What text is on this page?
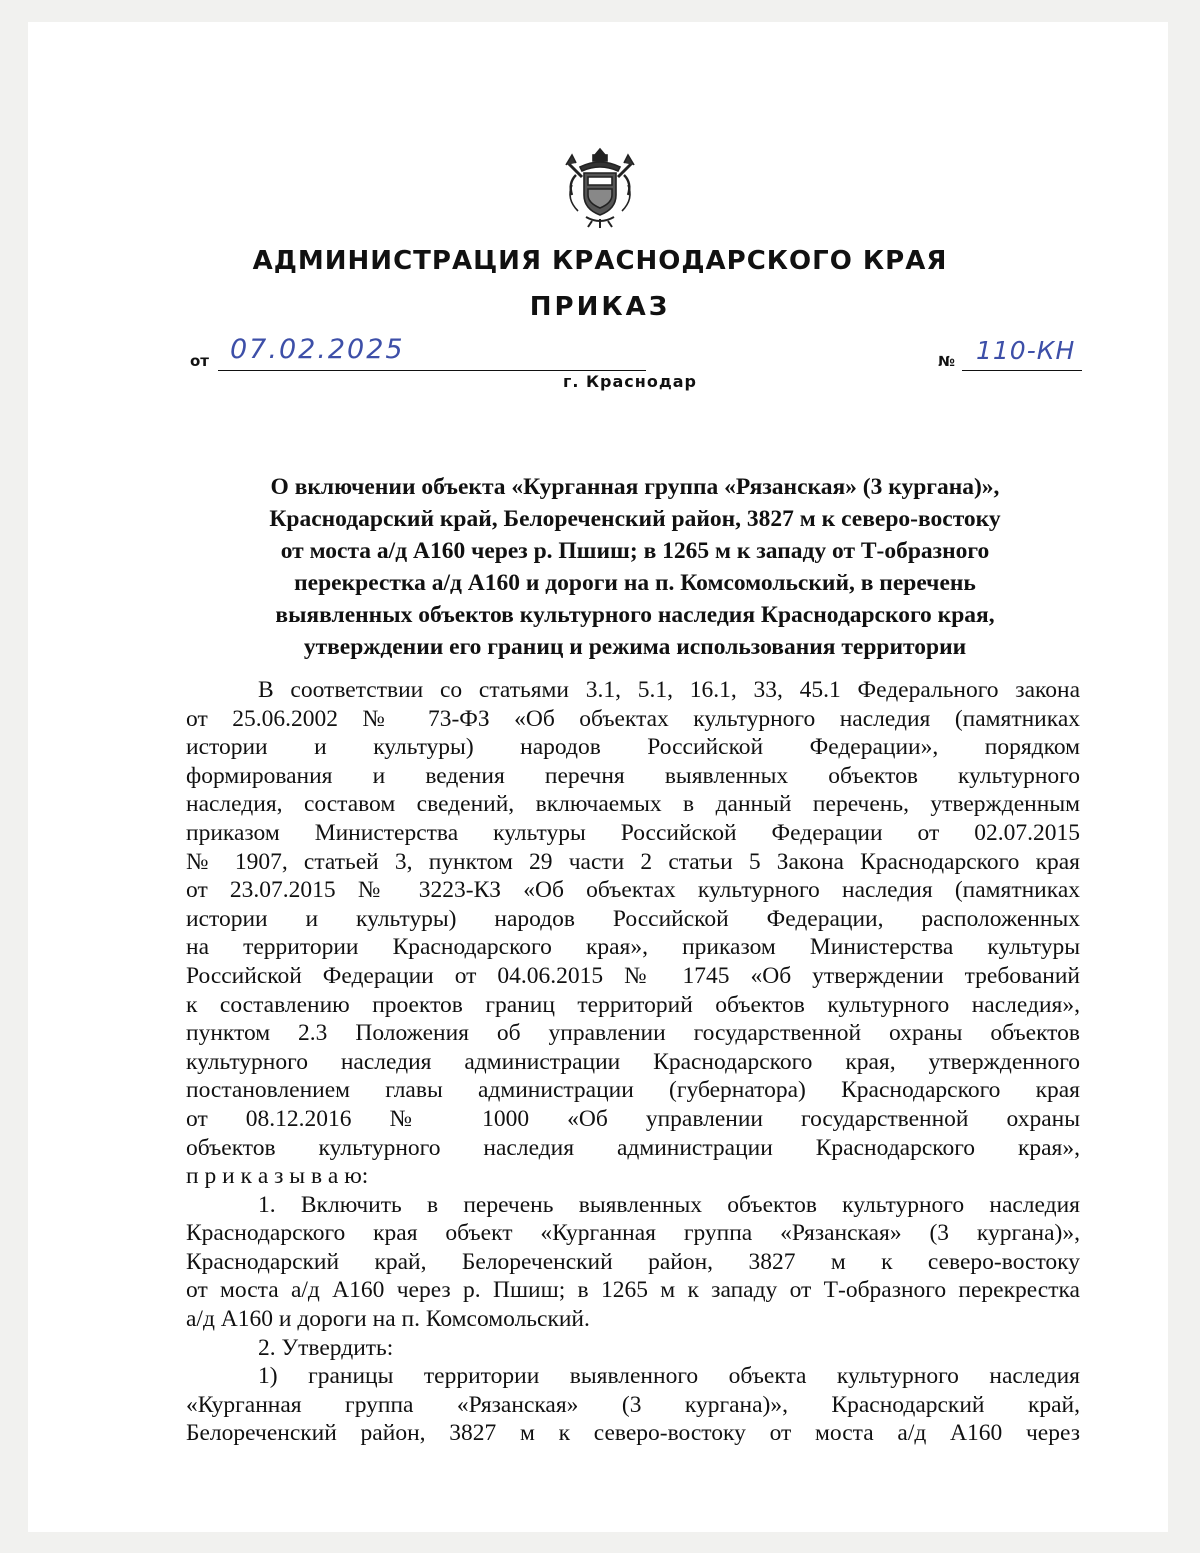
АДМИНИСТРАЦИЯ КРАСНОДАРСКОГО КРАЯ
ПРИКАЗ
от 07.02.2025	№ 110-КН
г. Краснодар
О включении объекта «Курганная группа «Рязанская» (3 кургана)»,
Краснодарский край, Белореченский район, 3827 м к северо-востоку
от моста а/д А160 через р. Пшиш; в 1265 м к западу от Т-образного
перекрестка а/д А160 и дороги на п. Комсомольский, в перечень
выявленных объектов культурного наследия Краснодарского края,
утверждении его границ и режима использования территории
В соответствии со статьями 3.1, 5.1, 16.1, 33, 45.1 Федерального закона
от 25.06.2002 № 73-ФЗ «Об объектах культурного наследия (памятниках
истории и культуры) народов Российской Федерации», порядком
формирования и ведения перечня выявленных объектов культурного
наследия, составом сведений, включаемых в данный перечень, утвержденным
приказом Министерства культуры Российской Федерации от 02.07.2015
№ 1907, статьей 3, пунктом 29 части 2 статьи 5 Закона Краснодарского края
от 23.07.2015 № 3223-КЗ «Об объектах культурного наследия (памятниках
истории и культуры) народов Российской Федерации, расположенных
на территории Краснодарского края», приказом Министерства культуры
Российской Федерации от 04.06.2015 № 1745 «Об утверждении требований
к составлению проектов границ территорий объектов культурного наследия»,
пунктом 2.3 Положения об управлении государственной охраны объектов
культурного наследия администрации Краснодарского края, утвержденного
постановлением главы администрации (губернатора) Краснодарского края
от 08.12.2016 № 1000 «Об управлении государственной охраны
объектов культурного наследия администрации Краснодарского края»,
п р и к а з ы в а ю:
1. Включить в перечень выявленных объектов культурного наследия
Краснодарского края объект «Курганная группа «Рязанская» (3 кургана)»,
Краснодарский край, Белореченский район, 3827 м к северо-востоку
от моста а/д А160 через р. Пшиш; в 1265 м к западу от Т-образного перекрестка
а/д А160 и дороги на п. Комсомольский.
2. Утвердить:
1) границы территории выявленного объекта культурного наследия
«Курганная группа «Рязанская» (3 кургана)», Краснодарский край,
Белореченский район, 3827 м к северо-востоку от моста а/д А160 через
